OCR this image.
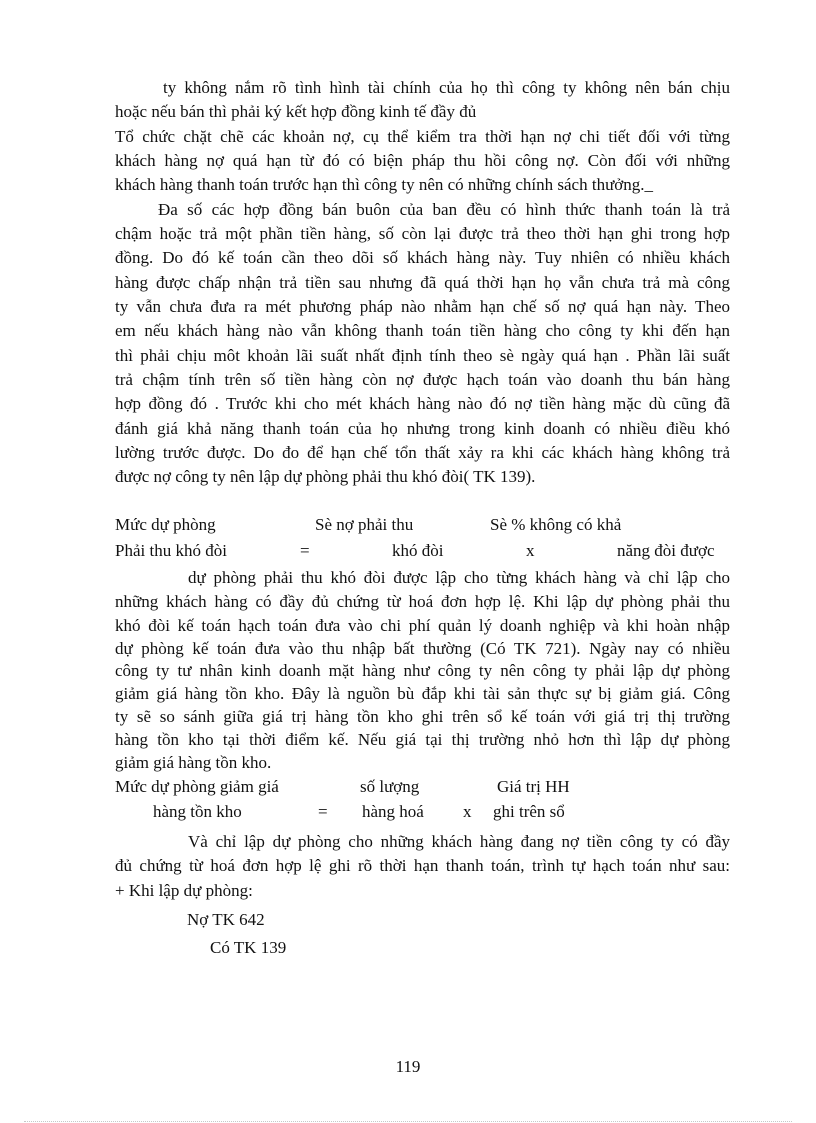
ty không nắm rõ tình hình tài chính của họ thì công ty không nên bán chịu
hoặc nếu bán thì phải ký kết hợp đồng kinh tế đầy đủ
Tổ chức chặt chẽ các khoản nợ, cụ thể kiểm tra thời hạn nợ chi tiết đối với từng
khách hàng nợ quá hạn từ đó có biện pháp thu hồi công nợ. Còn đối với những
khách hàng thanh toán trước hạn thì công ty nên có những chính sách thưởng._
Đa số các hợp đồng bán buôn của ban đều có hình thức thanh toán là trả
chậm hoặc trả một phần tiền hàng, số còn lại được trả theo thời hạn ghi trong hợp
đồng. Do đó kế toán cần theo dõi số khách hàng này. Tuy nhiên có nhiều khách
hàng được chấp nhận trả tiền sau nhưng đã quá thời hạn họ vẫn chưa trả mà công
ty vẫn chưa đưa ra mét phương pháp nào nhằm hạn chế số nợ quá hạn này. Theo
em nếu khách hàng nào vẫn không thanh toán tiền hàng cho công ty khi đến hạn
thì phải chịu môt khoản lãi suất nhất định tính theo sè ngày quá hạn . Phần lãi suất
trả chậm tính trên số tiền hàng còn nợ được hạch toán vào doanh thu bán hàng
hợp đồng đó . Trước khi cho mét khách hàng nào đó nợ tiền hàng mặc dù cũng đã
đánh giá khả năng thanh toán của họ nhưng trong kinh doanh có nhiều điều khó
lường trước được. Do đo để hạn chế tổn thất xảy ra khi các khách hàng không trả
được nợ công ty nên lập dự phòng phải thu khó đòi( TK 139).
Mức dự phòng	Sè nợ phải thu	Sè % không có khả
Phải thu khó đòi	=	khó đòi	x	năng đòi được
dự phòng phải thu khó đòi được lập cho từng khách hàng và chỉ lập cho
những khách hàng có đầy đủ chứng từ hoá đơn hợp lệ. Khi lập dự phòng phải thu
khó đòi kế toán hạch toán đưa vào chi phí quản lý doanh nghiệp và khi hoàn nhập
dự phòng kế toán đưa vào thu nhập bất thường (Có TK 721). Ngày nay có nhiều
công ty tư nhân kinh doanh mặt hàng như công ty nên công ty phải lập dự phòng
giảm giá hàng tồn kho. Đây là nguồn bù đắp khi tài sản thực sự bị giảm giá. Công
ty sẽ so sánh giữa giá trị hàng tồn kho ghi trên sổ kế toán với giá trị thị trường
hàng tồn kho tại thời điểm kế. Nếu giá tại thị trường nhỏ hơn thì lập dự phòng
giảm giá hàng tồn kho.
Mức dự phòng giảm giá	số lượng	Giá trị HH
hàng tồn kho	= hàng hoá x ghi trên sổ
Và chỉ lập dự phòng cho những khách hàng đang nợ tiền công ty có đầy
đủ chứng từ hoá đơn hợp lệ ghi rõ thời hạn thanh toán, trình tự hạch toán như sau:
+ Khi lập dự phòng:
Nợ TK 642
Có TK 139
119
